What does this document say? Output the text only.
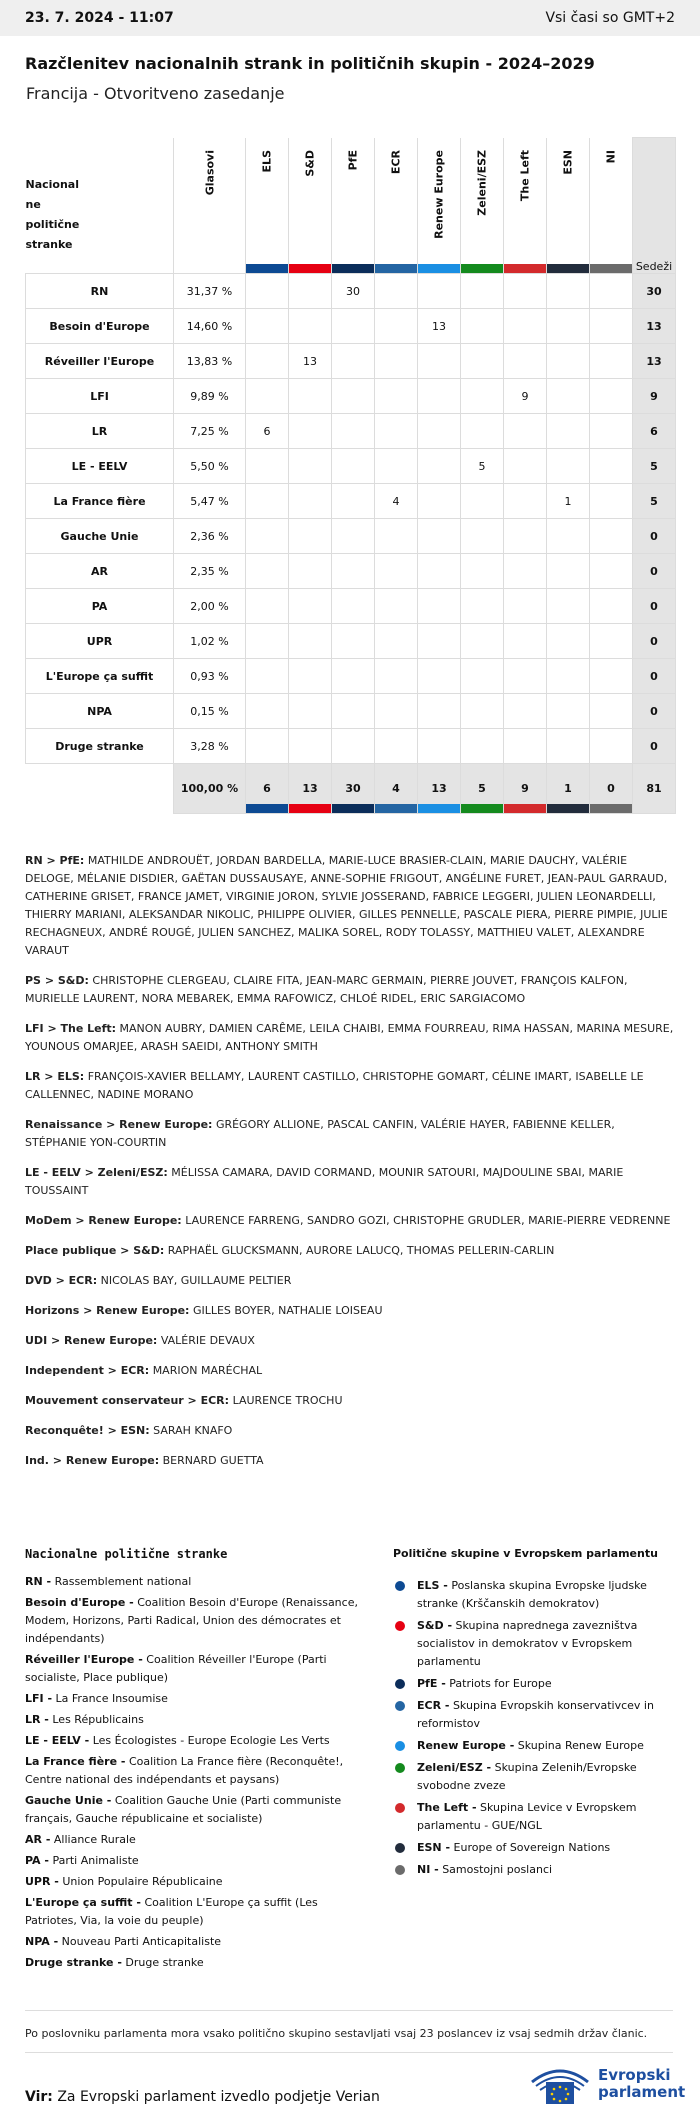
23. 7. 2024 - 11:07	Vsi časi so GMT+2
Razčlenitev nacionalnih strank in političnih skupin - 2024–2029
Francija - Otvoritveno zasedanje
Nacional
ne
politične
stranke	Glasovi	ELS	S&D	PfE	ECR	Renew Europe	Zeleni/ESZ	The Left	ESN	NI	Sedeži
RN	31,37 %			30							30
Besoin d'Europe	14,60 %					13					13
Réveiller l'Europe	13,83 %		13								13
LFI	9,89 %							9			9
LR	7,25 %	6									6
LE - EELV	5,50 %						5				5
La France fière	5,47 %				4				1		5
Gauche Unie	2,36 %										0
AR	2,35 %										0
PA	2,00 %										0
UPR	1,02 %										0
L'Europe ça suffit	0,93 %										0
NPA	0,15 %										0
Druge stranke	3,28 %										0
	100,00 %	6	13	30	4	13	5	9	1	0	81

RN > PfE: MATHILDE ANDROUËT, JORDAN BARDELLA, MARIE-LUCE BRASIER-CLAIN, MARIE DAUCHY, VALÉRIE DELOGE, MÉLANIE DISDIER, GAËTAN DUSSAUSAYE, ANNE-SOPHIE FRIGOUT, ANGÉLINE FURET, JEAN-PAUL GARRAUD, CATHERINE GRISET, FRANCE JAMET, VIRGINIE JORON, SYLVIE JOSSERAND, FABRICE LEGGERI, JULIEN LEONARDELLI, THIERRY MARIANI, ALEKSANDAR NIKOLIC, PHILIPPE OLIVIER, GILLES PENNELLE, PASCALE PIERA, PIERRE PIMPIE, JULIE RECHAGNEUX, ANDRÉ ROUGÉ, JULIEN SANCHEZ, MALIKA SOREL, RODY TOLASSY, MATTHIEU VALET, ALEXANDRE VARAUT

PS > S&D: CHRISTOPHE CLERGEAU, CLAIRE FITA, JEAN-MARC GERMAIN, PIERRE JOUVET, FRANÇOIS KALFON, MURIELLE LAURENT, NORA MEBAREK, EMMA RAFOWICZ, CHLOÉ RIDEL, ERIC SARGIACOMO

LFI > The Left: MANON AUBRY, DAMIEN CARÊME, LEILA CHAIBI, EMMA FOURREAU, RIMA HASSAN, MARINA MESURE, YOUNOUS OMARJEE, ARASH SAEIDI, ANTHONY SMITH

LR > ELS: FRANÇOIS-XAVIER BELLAMY, LAURENT CASTILLO, CHRISTOPHE GOMART, CÉLINE IMART, ISABELLE LE CALLENNEC, NADINE MORANO

Renaissance > Renew Europe: GRÉGORY ALLIONE, PASCAL CANFIN, VALÉRIE HAYER, FABIENNE KELLER, STÉPHANIE YON-COURTIN

LE - EELV > Zeleni/ESZ: MÉLISSA CAMARA, DAVID CORMAND, MOUNIR SATOURI, MAJDOULINE SBAI, MARIE TOUSSAINT

MoDem > Renew Europe: LAURENCE FARRENG, SANDRO GOZI, CHRISTOPHE GRUDLER, MARIE-PIERRE VEDRENNE

Place publique > S&D: RAPHAËL GLUCKSMANN, AURORE LALUCQ, THOMAS PELLERIN-CARLIN

DVD > ECR: NICOLAS BAY, GUILLAUME PELTIER

Horizons > Renew Europe: GILLES BOYER, NATHALIE LOISEAU

UDI > Renew Europe: VALÉRIE DEVAUX

Independent > ECR: MARION MARÉCHAL

Mouvement conservateur > ECR: LAURENCE TROCHU

Reconquête! > ESN: SARAH KNAFO

Ind. > Renew Europe: BERNARD GUETTA

Nacionalne politične stranke

RN - Rassemblement national

Besoin d'Europe - Coalition Besoin d'Europe (Renaissance, Modem, Horizons, Parti Radical, Union des démocrates et indépendants)

Réveiller l'Europe - Coalition Réveiller l'Europe (Parti socialiste, Place publique)

LFI - La France Insoumise

LR - Les Républicains

LE - EELV - Les Écologistes - Europe Ecologie Les Verts

La France fière - Coalition La France fière (Reconquête!, Centre national des indépendants et paysans)

Gauche Unie - Coalition Gauche Unie (Parti communiste français, Gauche républicaine et socialiste)

AR - Alliance Rurale

PA - Parti Animaliste

UPR - Union Populaire Républicaine

L'Europe ça suffit - Coalition L'Europe ça suffit (Les Patriotes, Via, la voie du peuple)

NPA - Nouveau Parti Anticapitaliste

Druge stranke - Druge stranke

Politične skupine v Evropskem parlamentu
ELS - Poslanska skupina Evropske ljudske stranke (Krščanskih demokratov)
S&D - Skupina naprednega zavezništva socialistov in demokratov v Evropskem parlamentu
PfE - Patriots for Europe
ECR - Skupina Evropskih konservativcev in reformistov
Renew Europe - Skupina Renew Europe
Zeleni/ESZ - Skupina Zelenih/Evropske svobodne zveze
The Left - Skupina Levice v Evropskem parlamentu - GUE/NGL
ESN - Europe of Sovereign Nations
NI - Samostojni poslanci
Po poslovniku parlamenta mora vsako politično skupino sestavljati vsaj 23 poslancev iz vsaj sedmih držav članic.
Vir: Za Evropski parlament izvedlo podjetje Verian
Evropski
parlament
